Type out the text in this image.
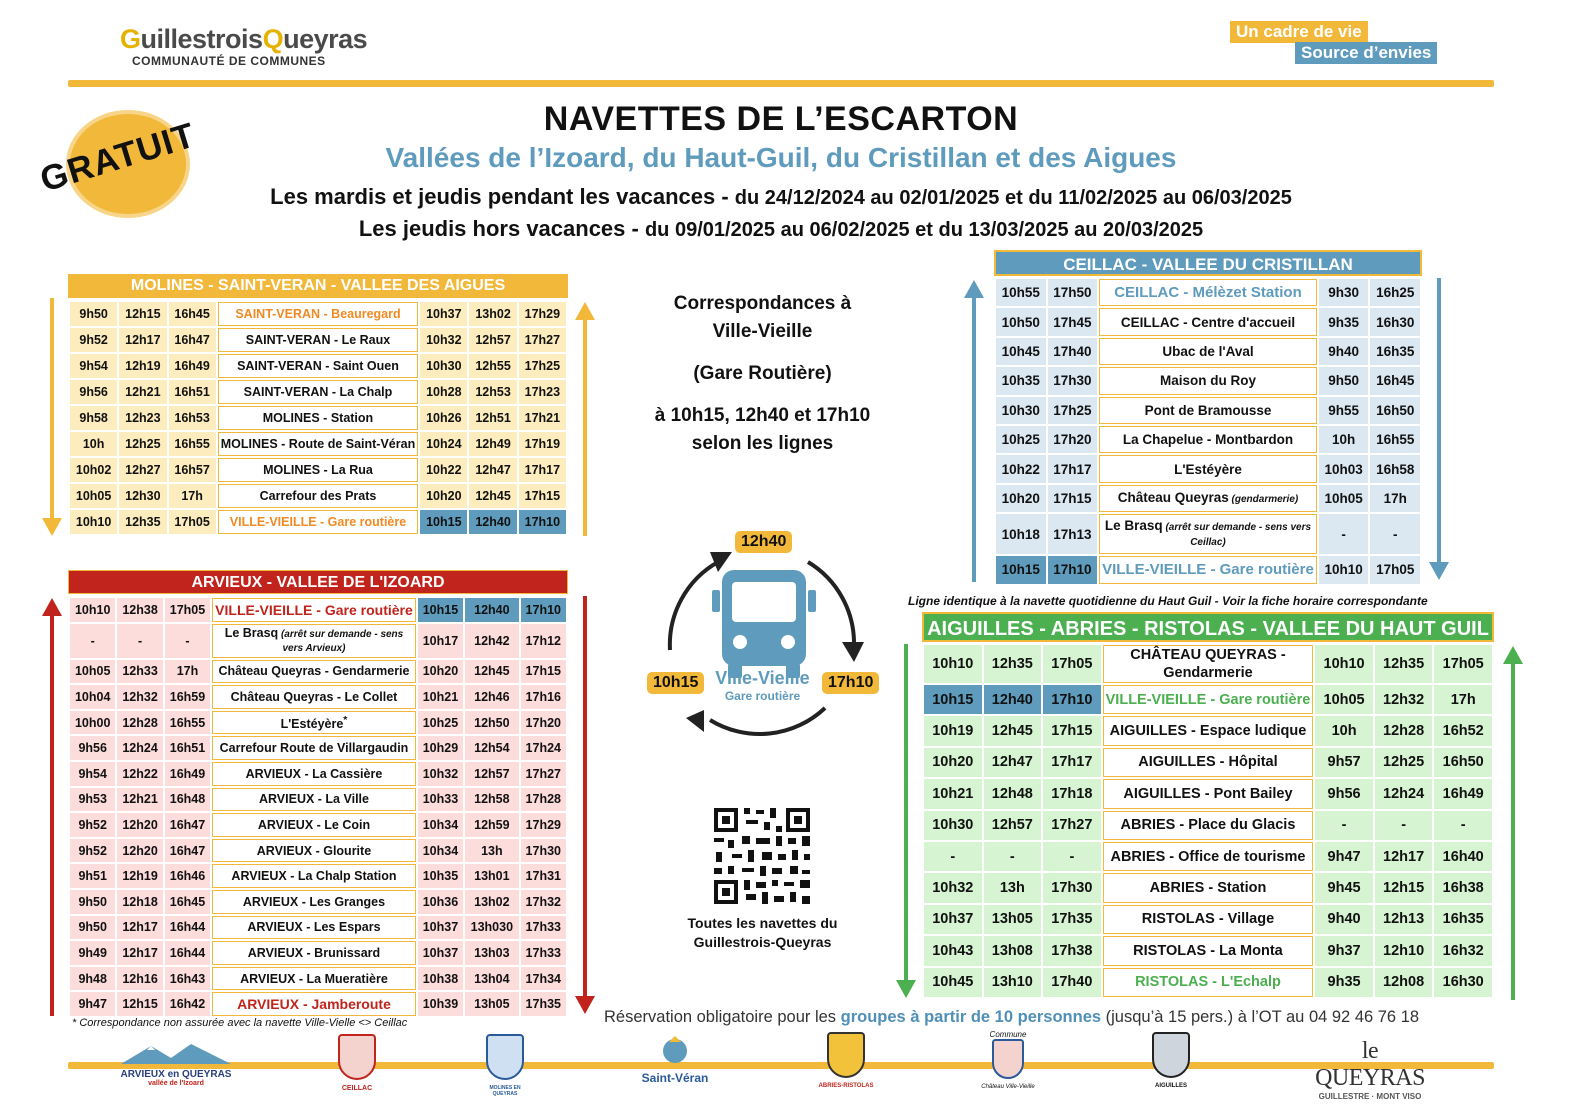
GuillestroisQueyras
COMMUNAUTÉ DE COMMUNES
Un cadre de vie
Source d’envies
GRATUIT	NAVETTES DE L’ESCARTON
Vallées de l’Izoard, du Haut-Guil, du Cristillan et des Aigues
Les mardis et jeudis pendant les vacances - du 24/12/2024 au 02/01/2025 et du 11/02/2025 au 06/03/2025
Les jeudis hors vacances - du 09/01/2025 au 06/02/2025 et du 13/03/2025 au 20/03/2025
MOLINES - SAINT-VERAN - VALLEE DES AIGUES
9h50	12h15	16h45	SAINT-VERAN - Beauregard	10h37	13h02	17h29
9h52	12h17	16h47	SAINT-VERAN - Le Raux	10h32	12h57	17h27
9h54	12h19	16h49	SAINT-VERAN - Saint Ouen	10h30	12h55	17h25
9h56	12h21	16h51	SAINT-VERAN - La Chalp	10h28	12h53	17h23
9h58	12h23	16h53	MOLINES - Station	10h26	12h51	17h21
10h	12h25	16h55	MOLINES - Route de Saint-Véran	10h24	12h49	17h19
10h02	12h27	16h57	MOLINES - La Rua	10h22	12h47	17h17
10h05	12h30	17h	Carrefour des Prats	10h20	12h45	17h15
10h10	12h35	17h05	VILLE-VIEILLE - Gare routière	10h15	12h40	17h10
ARVIEUX - VALLEE DE L'IZOARD
10h10	12h38	17h05	VILLE-VIEILLE - Gare routière	10h15	12h40	17h10
-	-	-	Le Brasq (arrêt sur demande - sens vers Arvieux)	10h17	12h42	17h12
10h05	12h33	17h	Château Queyras - Gendarmerie	10h20	12h45	17h15
10h04	12h32	16h59	Château Queyras - Le Collet	10h21	12h46	17h16
10h00	12h28	16h55	L'Estéyère*	10h25	12h50	17h20
9h56	12h24	16h51	Carrefour Route de Villargaudin	10h29	12h54	17h24
9h54	12h22	16h49	ARVIEUX - La Cassière	10h32	12h57	17h27
9h53	12h21	16h48	ARVIEUX - La Ville	10h33	12h58	17h28
9h52	12h20	16h47	ARVIEUX - Le Coin	10h34	12h59	17h29
9h52	12h20	16h47	ARVIEUX - Glourite	10h34	13h	17h30
9h51	12h19	16h46	ARVIEUX - La Chalp Station	10h35	13h01	17h31
9h50	12h18	16h45	ARVIEUX - Les Granges	10h36	13h02	17h32
9h50	12h17	16h44	ARVIEUX - Les Espars	10h37	13h030	17h33
9h49	12h17	16h44	ARVIEUX - Brunissard	10h37	13h03	17h33
9h48	12h16	16h43	ARVIEUX - La Mueratière	10h38	13h04	17h34
9h47	12h15	16h42	ARVIEUX - Jamberoute	10h39	13h05	17h35
* Correspondance non assurée avec la navette Ville-Vielle <> Ceillac
Correspondances à
Ville-Vieille
(Gare Routière)
à 10h15, 12h40 et 17h10
selon les lignes
12h40
10h15	17h10
Ville-Vieille
Gare routière
Toutes les navettes du
Guillestrois-Queyras
CEILLAC - VALLEE DU CRISTILLAN
10h55	17h50	CEILLAC - Mélèzet Station	9h30	16h25
10h50	17h45	CEILLAC - Centre d'accueil	9h35	16h30
10h45	17h40	Ubac de l'Aval	9h40	16h35
10h35	17h30	Maison du Roy	9h50	16h45
10h30	17h25	Pont de Bramousse	9h55	16h50
10h25	17h20	La Chapelue - Montbardon	10h	16h55
10h22	17h17	L'Estéyère	10h03	16h58
10h20	17h15	Château Queyras (gendarmerie)	10h05	17h
10h18	17h13	Le Brasq (arrêt sur demande - sens vers Ceillac)	-	-
10h15	17h10	VILLE-VIEILLE - Gare routière	10h10	17h05
Ligne identique à la navette quotidienne du Haut Guil - Voir la fiche horaire correspondante
AIGUILLES - ABRIES - RISTOLAS - VALLEE DU HAUT GUIL
10h10	12h35	17h05	CHÂTEAU QUEYRAS - Gendarmerie	10h10	12h35	17h05
10h15	12h40	17h10	VILLE-VIEILLE - Gare routière	10h05	12h32	17h
10h19	12h45	17h15	AIGUILLES - Espace ludique	10h	12h28	16h52
10h20	12h47	17h17	AIGUILLES - Hôpital	9h57	12h25	16h50
10h21	12h48	17h18	AIGUILLES - Pont Bailey	9h56	12h24	16h49
10h30	12h57	17h27	ABRIES - Place du Glacis	-	-	-
-	-	-	ABRIES - Office de tourisme	9h47	12h17	16h40
10h32	13h	17h30	ABRIES - Station	9h45	12h15	16h38
10h37	13h05	17h35	RISTOLAS - Village	9h40	12h13	16h35
10h43	13h08	17h38	RISTOLAS - La Monta	9h37	12h10	16h32
10h45	13h10	17h40	RISTOLAS - L'Echalp	9h35	12h08	16h30
Réservation obligatoire pour les groupes à partir de 10 personnes (jusqu’à 15 pers.) à l’OT au 04 92 46 76 18
ARVIEUX en QUEYRAS
vallée de l'Izoard
CEILLAC	MOLINES EN QUEYRAS
Saint-Véran
ABRIES-RISTOLAS
Commune
Château Ville-Vieille	AIGUILLES
le QUEYRAS
GUILLESTRE · MONT VISO
